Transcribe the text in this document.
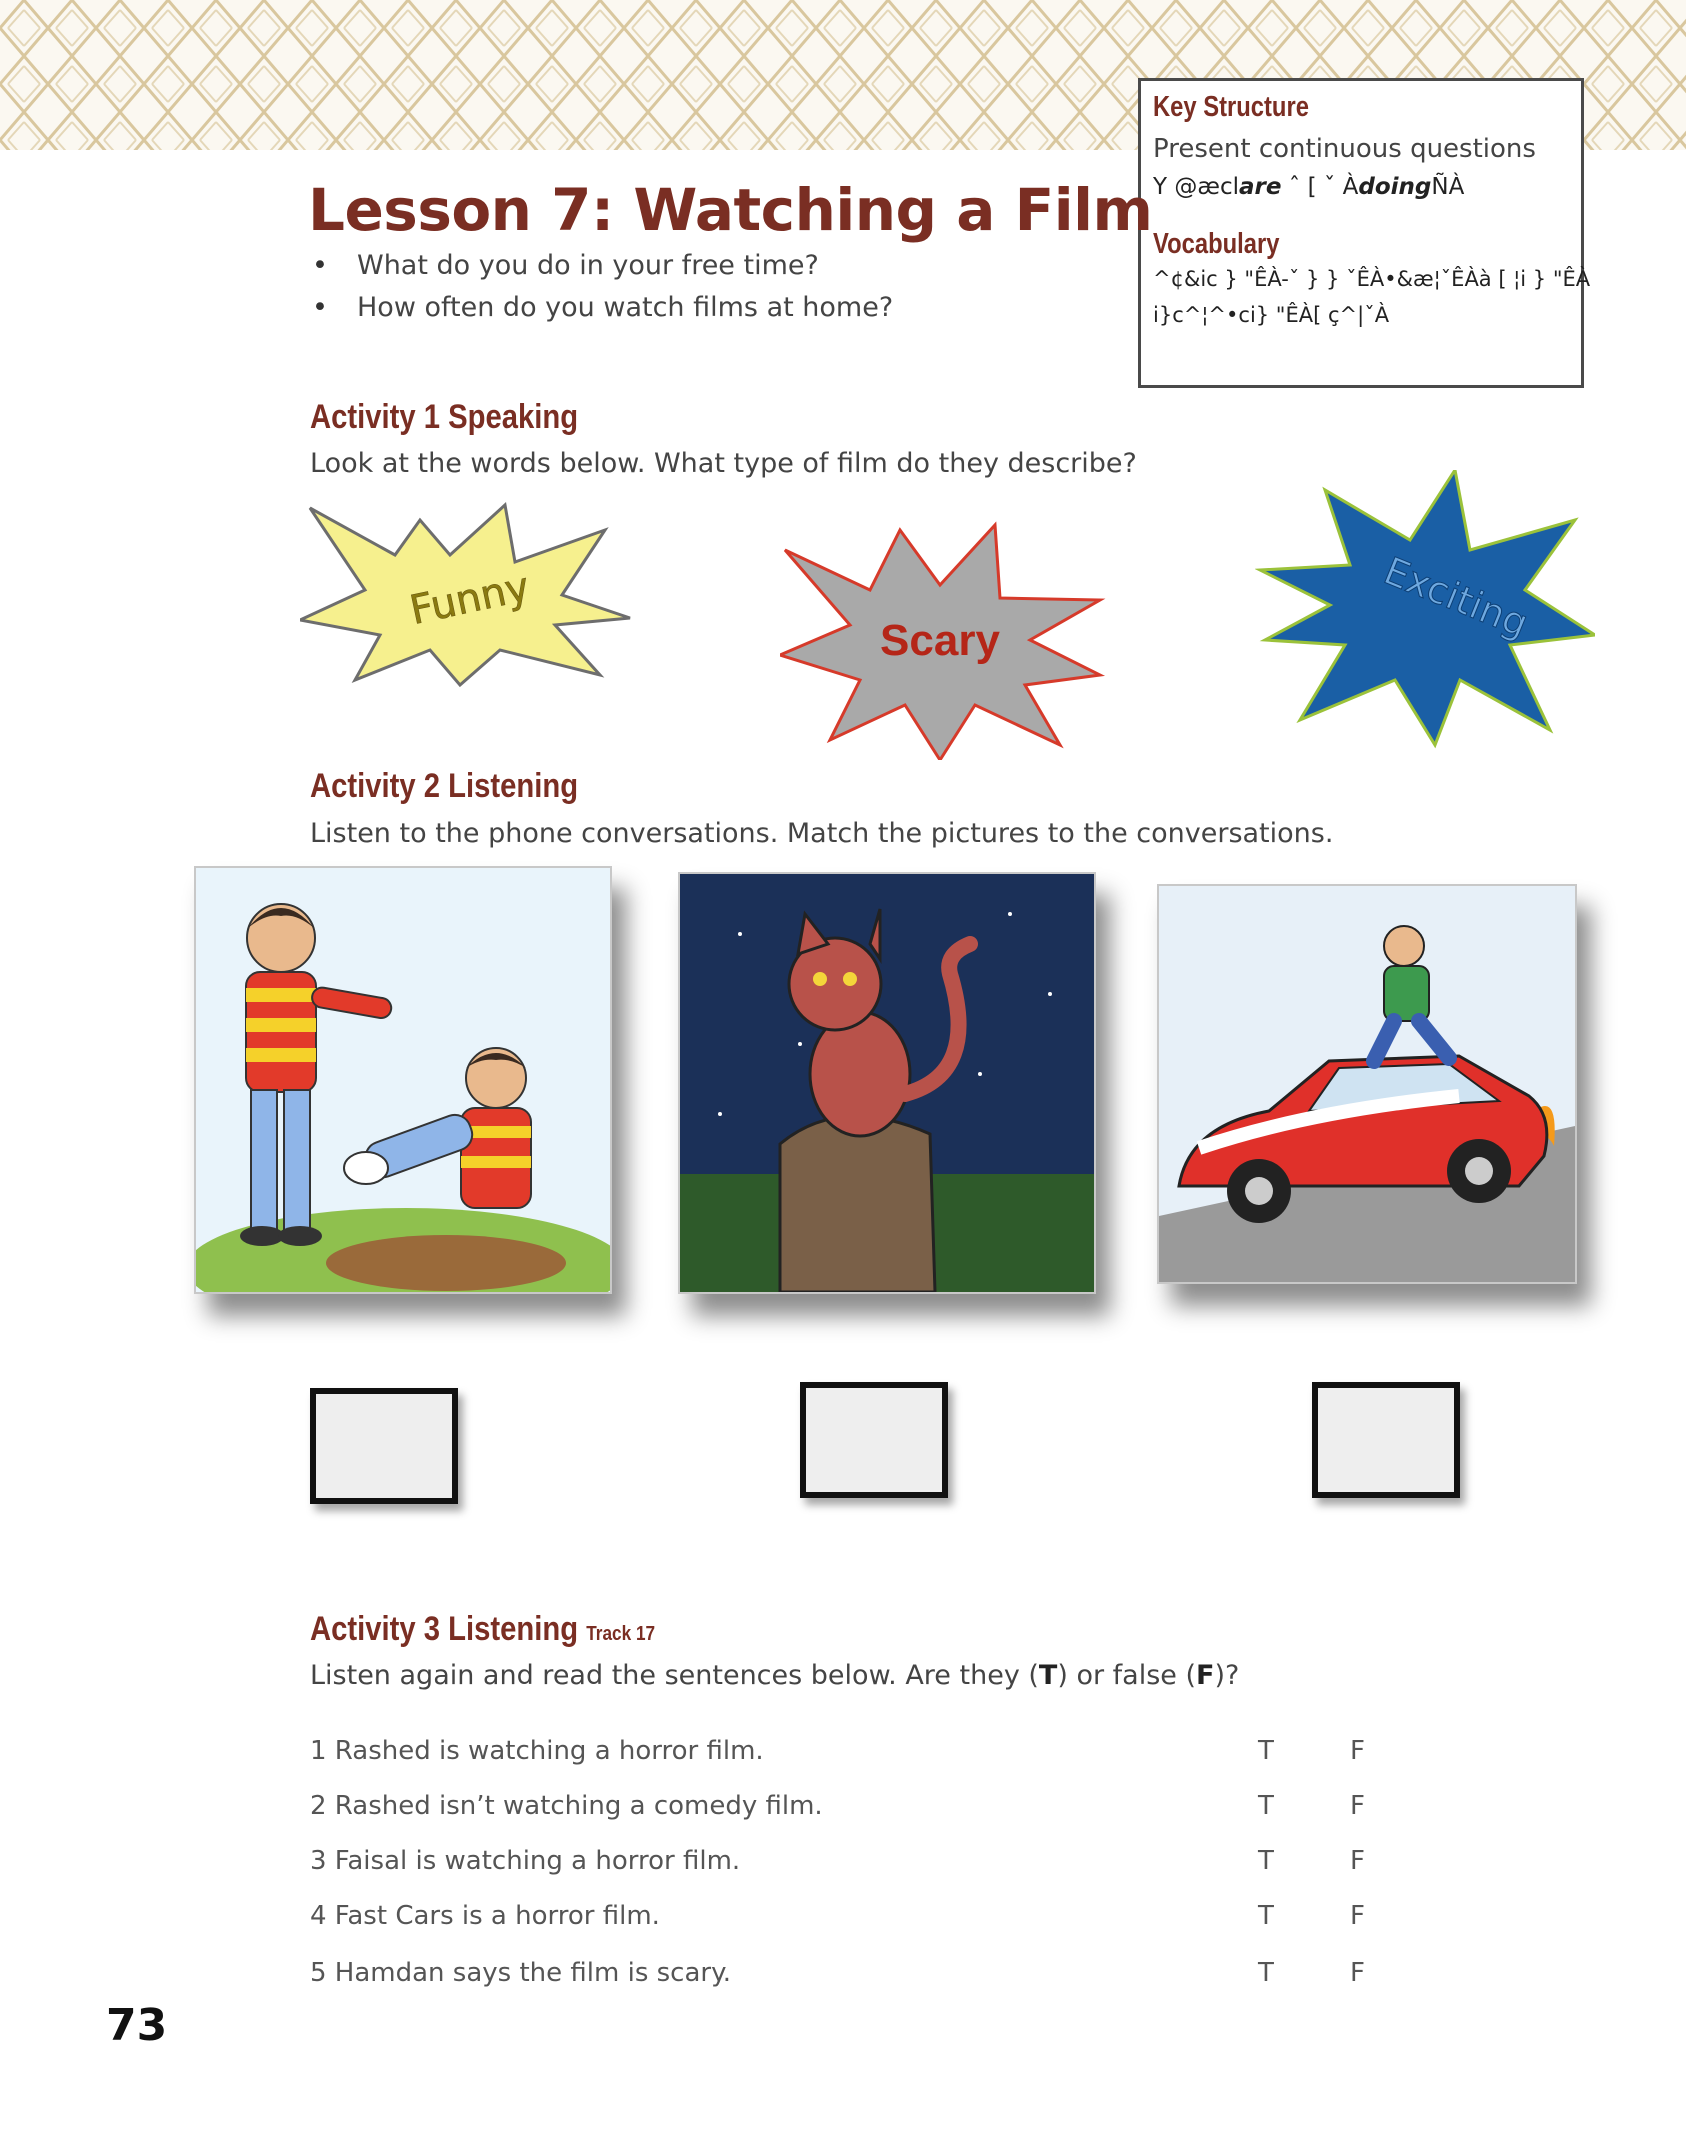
Key Structure
Present continuous questions
Y @æclare ˆ [ ˇ ÀdoingÑÀ
Vocabulary
^¢&ic } "ÊÀ-ˇ } } ˇÊÀ•&æ¦ˇÊÀà [ ¦i } "ÊÀ
i}c^¦^•ci} "ÊÀ[ ç^|ˇÀ
Lesson 7: Watching a Film
• What do you do in your free time?
• How often do you watch films at home?
Activity 1 Speaking
Look at the words below. What type of film do they describe?
Funny
Scary	Exciting
Activity 2 Listening
Listen to the phone conversations. Match the pictures to the conversations.
Activity 3 Listening Track 17
Listen again and read the sentences below. Are they (T) or false (F)?
1 Rashed is watching a horror film.	T	F
2 Rashed isn’t watching a comedy film.	T	F
3 Faisal is watching a horror film.	T	F
4 Fast Cars is a horror film.	T	F
5 Hamdan says the film is scary.	T	F
73
